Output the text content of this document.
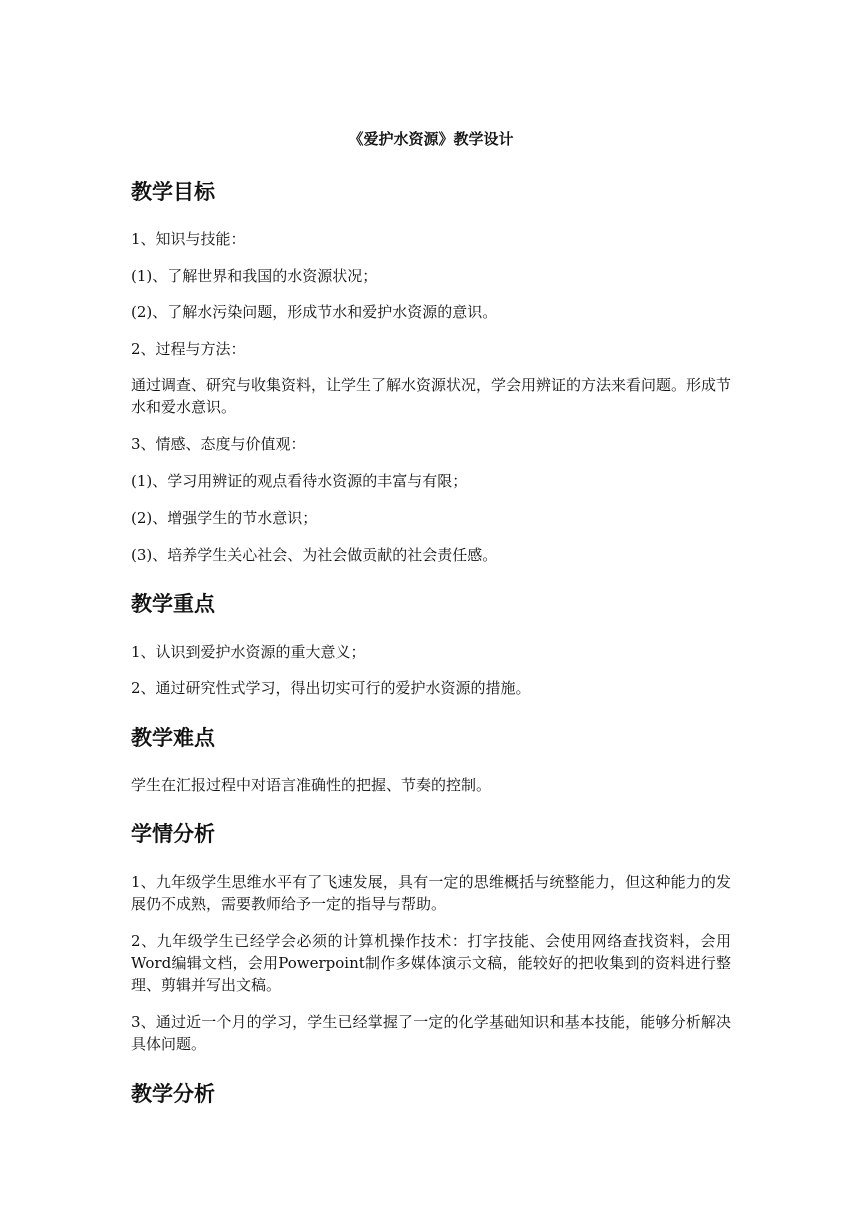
《爱护水资源》教学设计
教学目标

1、知识与技能：

(1)、了解世界和我国的水资源状况；

(2)、了解水污染问题，形成节水和爱护水资源的意识。

2、过程与方法：

通过调查、研究与收集资料，让学生了解水资源状况，学会用辨证的方法来看问题。形成节水和爱水意识。

3、情感、态度与价值观：

(1)、学习用辨证的观点看待水资源的丰富与有限；

(2)、增强学生的节水意识；

(3)、培养学生关心社会、为社会做贡献的社会责任感。

教学重点

1、认识到爱护水资源的重大意义；

2、通过研究性式学习，得出切实可行的爱护水资源的措施。

教学难点

学生在汇报过程中对语言准确性的把握、节奏的控制。

学情分析

1、九年级学生思维水平有了飞速发展，具有一定的思维概括与统整能力，但这种能力的发展仍不成熟，需要教师给予一定的指导与帮助。

2、九年级学生已经学会必须的计算机操作技术：打字技能、会使用网络查找资料，会用Word编辑文档，会用Powerpoint制作多媒体演示文稿，能较好的把收集到的资料进行整理、剪辑并写出文稿。

3、通过近一个月的学习，学生已经掌握了一定的化学基础知识和基本技能，能够分析解决具体问题。

教学分析
